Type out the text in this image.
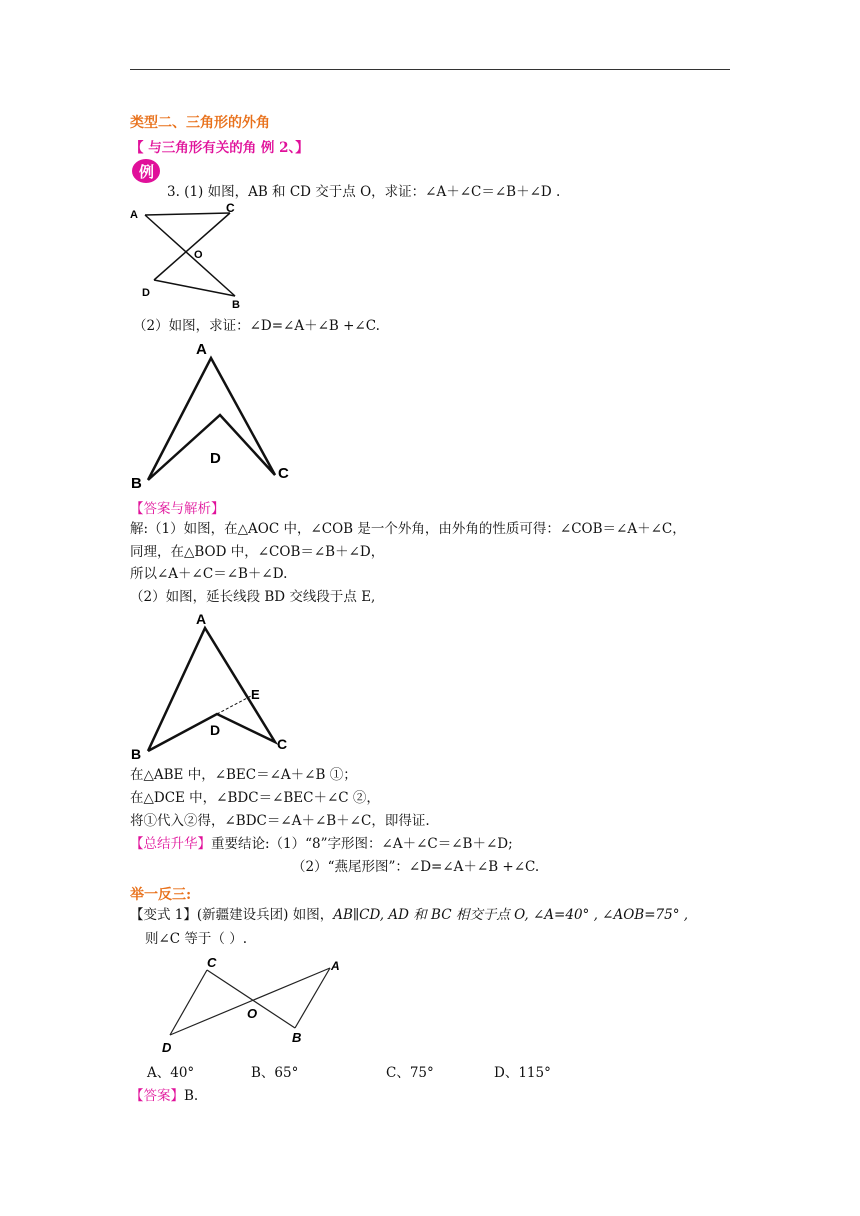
类型二、三角形的外角
【 与三角形有关的角 例 2、】
例
3. (1) 如图，AB 和 CD 交于点 O，求证：∠A＋∠C＝∠B＋∠D .
A	C
O
D
B
（2）如图，求证：∠D=∠A＋∠B +∠C.
A
B
C
D
【答案与解析】
解:（1）如图，在△AOC 中，∠COB 是一个外角，由外角的性质可得：∠COB＝∠A＋∠C，
同理，在△BOD 中，∠COB＝∠B＋∠D，
所以∠A＋∠C＝∠B＋∠D.
（2）如图，延长线段 BD 交线段于点 E,
A
B
C
D
E
在△ABE 中，∠BEC＝∠A＋∠B ①；
在△DCE 中，∠BDC＝∠BEC＋∠C ②，
将①代入②得，∠BDC＝∠A＋∠B＋∠C，即得证.
【总结升华】重要结论:（1）“8”字形图：∠A＋∠C＝∠B＋∠D;
（2）“燕尾形图”：∠D=∠A＋∠B +∠C.
举一反三:
【变式 1】(新疆建设兵团) 如图，AB∥CD, AD 和 BC 相交于点 O, ∠A=40° , ∠AOB=75° ,
则∠C 等于（ ）.
C	A
O
B
D
A、40°	B、65°	C、75°	D、115°
【答案】B.
